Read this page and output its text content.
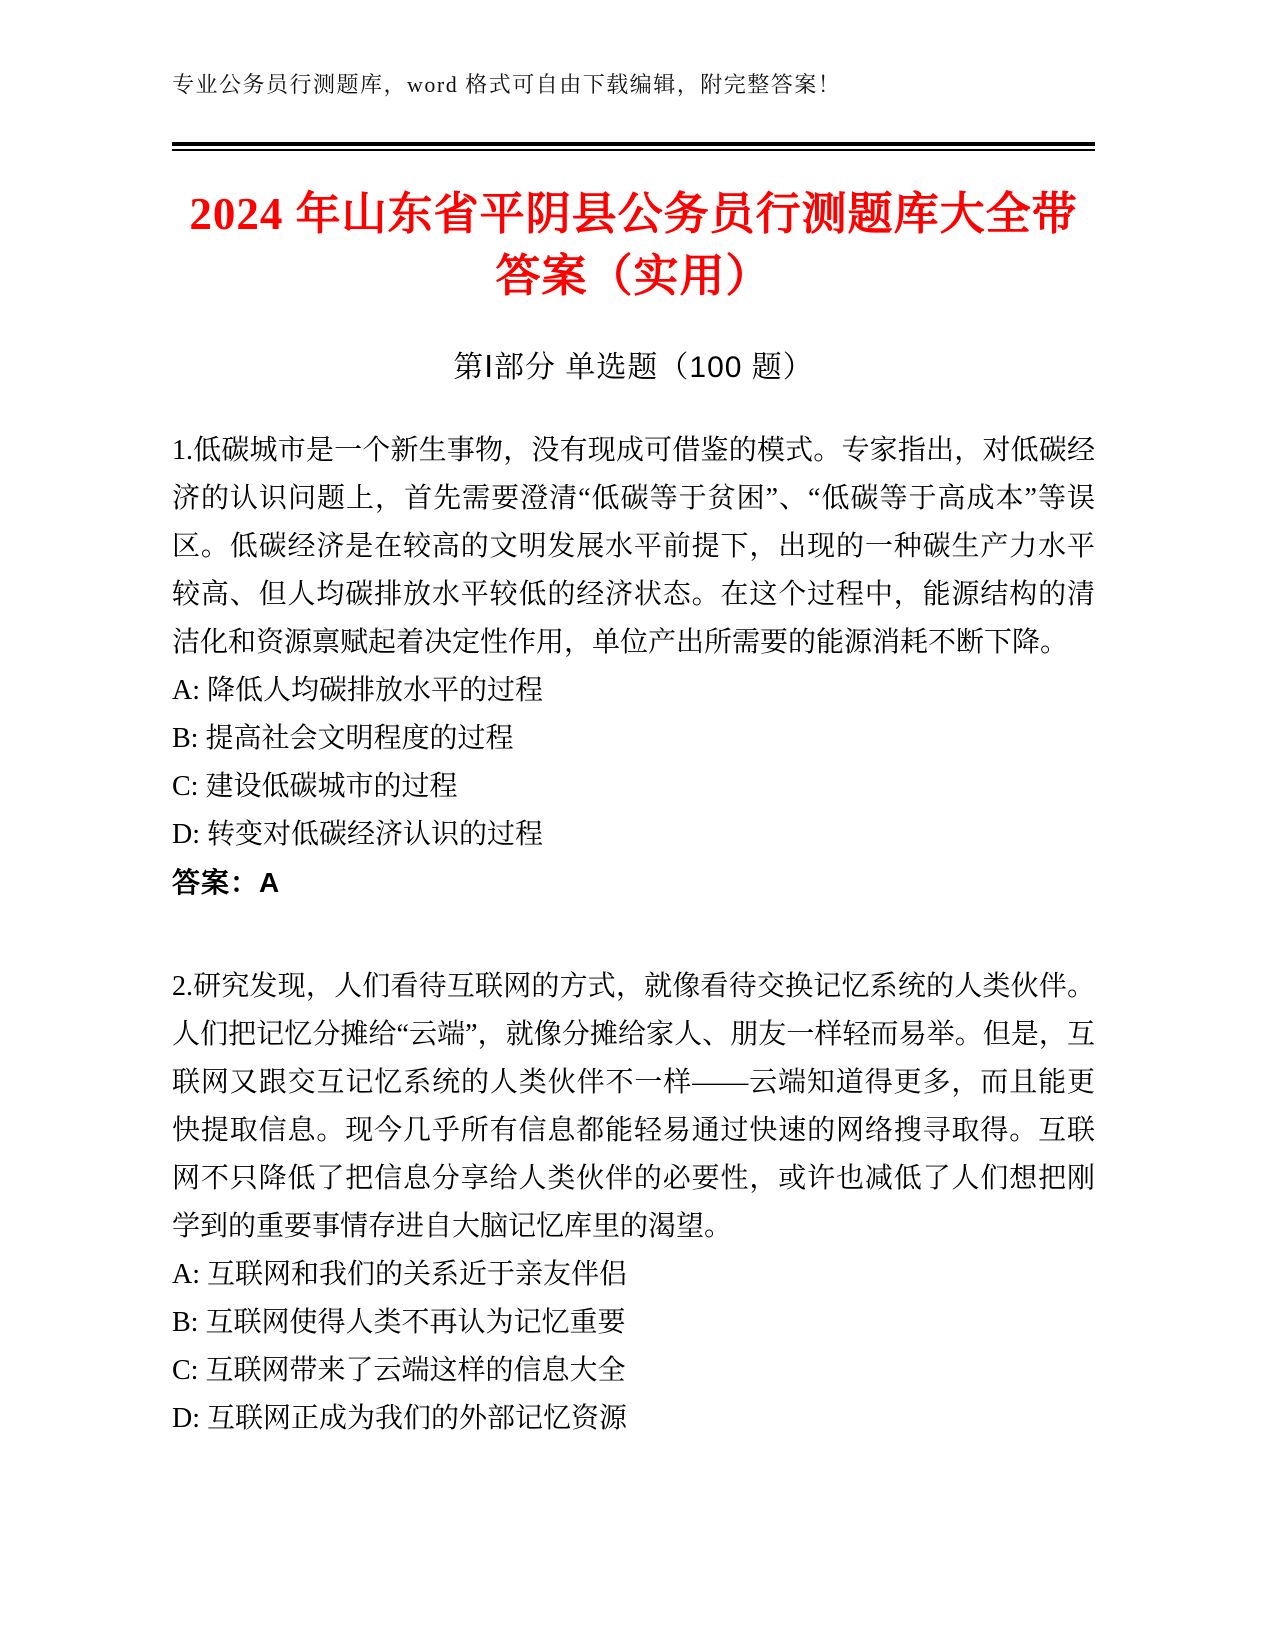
专业公务员行测题库，word 格式可自由下载编辑，附完整答案！
2024 年山东省平阴县公务员行测题库大全带
答案（实用）
第Ⅰ部分 单选题（100 题）

1.低碳城市是一个新生事物，没有现成可借鉴的模式。专家指出，对低碳经济的认识问题上，首先需要澄清“低碳等于贫困”、“低碳等于高成本”等误区。低碳经济是在较高的文明发展水平前提下，出现的一种碳生产力水平较高、但人均碳排放水平较低的经济状态。在这个过程中，能源结构的清洁化和资源禀赋起着决定性作用，单位产出所需要的能源消耗不断下降。

A: 降低人均碳排放水平的过程

B: 提高社会文明程度的过程

C: 建设低碳城市的过程

D: 转变对低碳经济认识的过程

答案：A

2.研究发现，人们看待互联网的方式，就像看待交换记忆系统的人类伙伴。人们把记忆分摊给“云端”，就像分摊给家人、朋友一样轻而易举。但是，互联网又跟交互记忆系统的人类伙伴不一样——云端知道得更多，而且能更快提取信息。现今几乎所有信息都能轻易通过快速的网络搜寻取得。互联网不只降低了把信息分享给人类伙伴的必要性，或许也减低了人们想把刚学到的重要事情存进自大脑记忆库里的渴望。

A: 互联网和我们的关系近于亲友伴侣

B: 互联网使得人类不再认为记忆重要

C: 互联网带来了云端这样的信息大全

D: 互联网正成为我们的外部记忆资源
